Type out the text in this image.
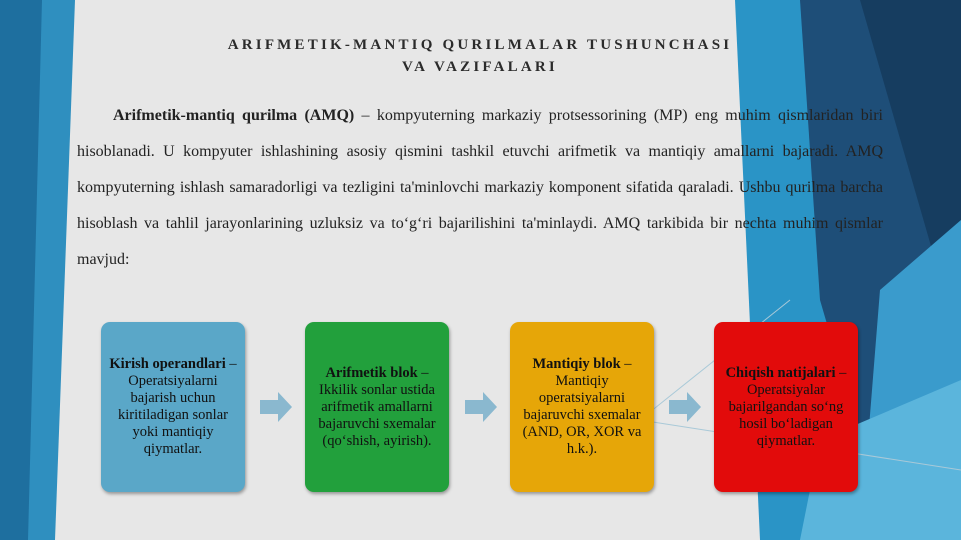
ARIFMETIK-MANTIQ QURILMALAR TUSHUNCHASI
VA VAZIFALARI

Arifmetik-mantiq qurilma (AMQ) – kompyuterning markaziy protsessorining (MP) eng muhim qismlaridan biri hisoblanadi. U kompyuter ishlashining asosiy qismini tashkil etuvchi arifmetik va mantiqiy amallarni bajaradi. AMQ kompyuterning ishlash samaradorligi va tezligini ta'minlovchi markaziy komponent sifatida qaraladi. Ushbu qurilma barcha hisoblash va tahlil jarayonlarining uzluksiz va to‘g‘ri bajarilishini ta'minlaydi. AMQ tarkibida bir nechta muhim qismlar mavjud:

Kirish operandlari – Operatsiyalarni bajarish uchun kiritiladigan sonlar yoki mantiqiy qiymatlar.
Arifmetik blok – Ikkilik sonlar ustida arifmetik amallarni bajaruvchi sxemalar (qo‘shish, ayirish).
Mantiqiy blok – Mantiqiy operatsiyalarni bajaruvchi sxemalar (AND, OR, XOR va h.k.).
Chiqish natijalari – Operatsiyalar bajarilgandan so‘ng hosil bo‘ladigan qiymatlar.
